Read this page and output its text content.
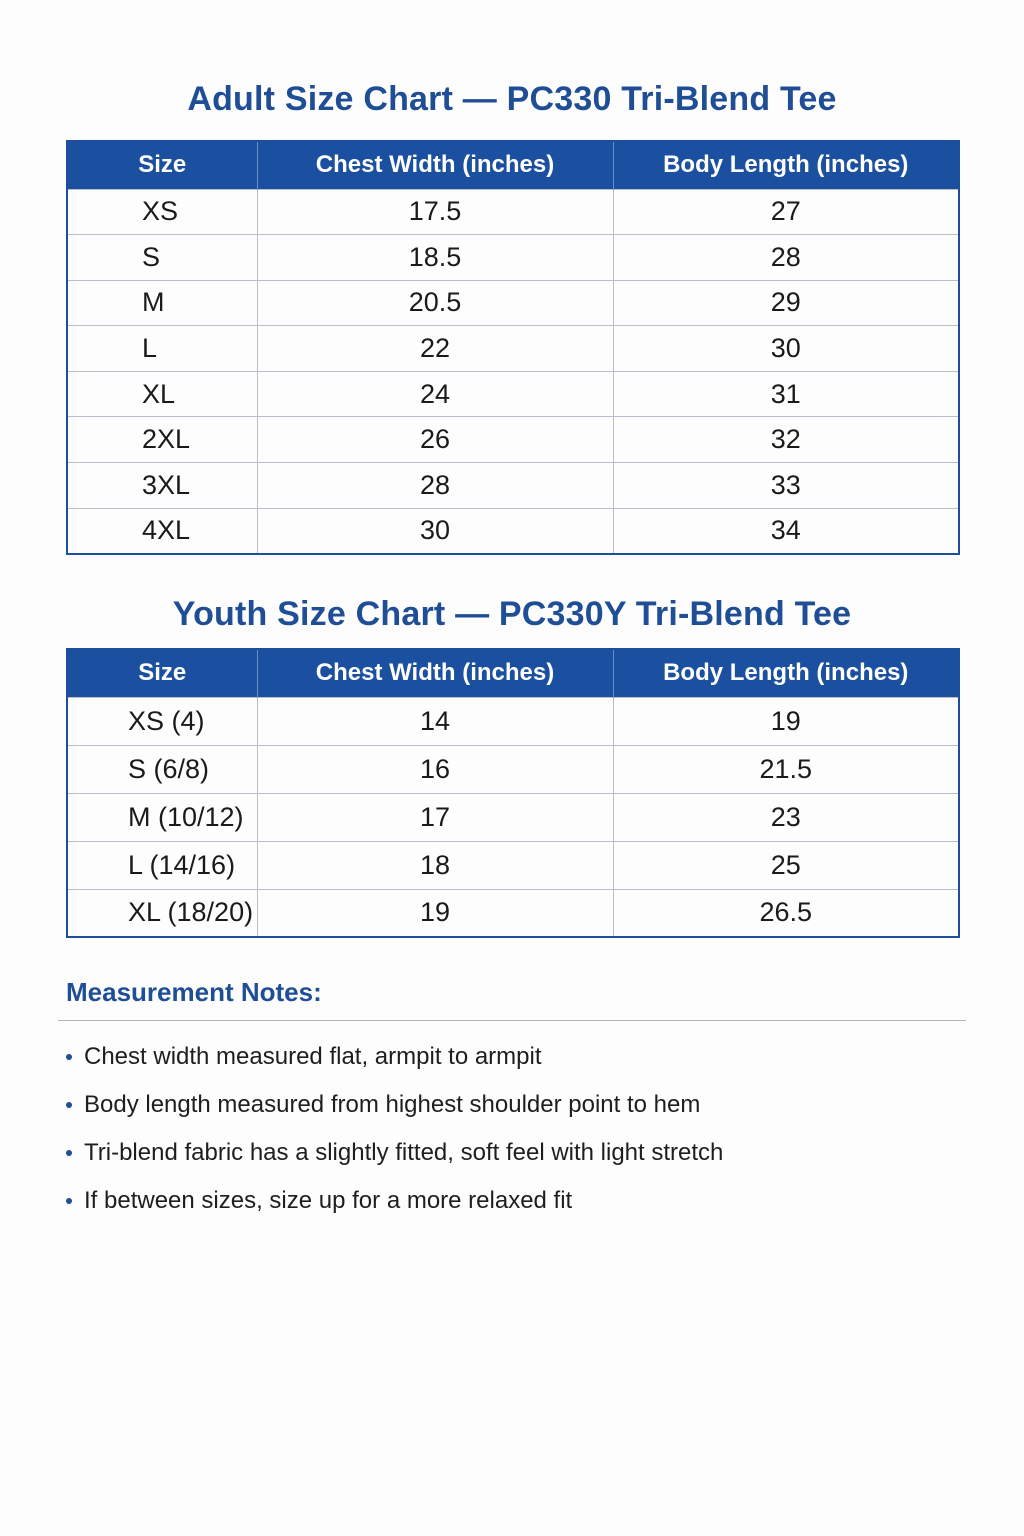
Adult Size Chart — PC330 Tri-Blend Tee
Size	Chest Width (inches)	Body Length (inches)
XS	17.5	27
S	18.5	28
M	20.5	29
L	22	30
XL	24	31
2XL	26	32
3XL	28	33
4XL	30	34
Youth Size Chart — PC330Y Tri-Blend Tee
Size	Chest Width (inches)	Body Length (inches)
XS (4)	14	19
S (6/8)	16	21.5
M (10/12)	17	23
L (14/16)	18	25
XL (18/20)	19	26.5
Measurement Notes:
Chest width measured flat, armpit to armpit
Body length measured from highest shoulder point to hem
Tri-blend fabric has a slightly fitted, soft feel with light stretch
If between sizes, size up for a more relaxed fit
